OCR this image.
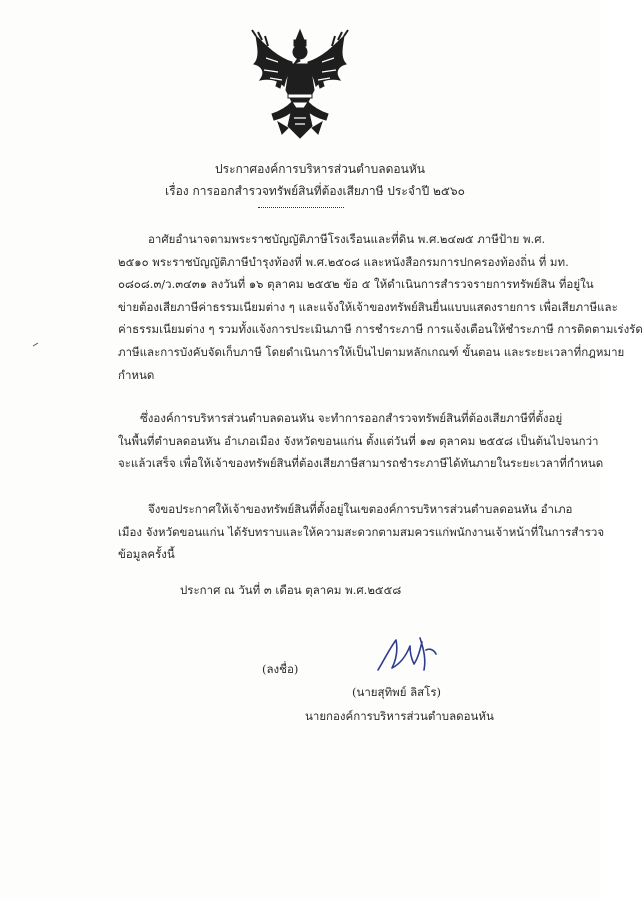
ประกาศองค์การบริหารส่วนตำบลดอนหัน
เรื่อง การออกสำรวจทรัพย์สินที่ต้องเสียภาษี ประจำปี ๒๕๖๐
อาศัยอำนาจตามพระราชบัญญัติภาษีโรงเรือนและที่ดิน พ.ศ.๒๔๗๕ ภาษีป้าย พ.ศ.
๒๕๑๐ พระราชบัญญัติภาษีบำรุงท้องที่ พ.ศ.๒๕๐๘ และหนังสือกรมการปกครองท้องถิ่น ที่ มท.
๐๘๐๘.๓/ว.๓๔๓๑ ลงวันที่ ๑๖ ตุลาคม ๒๕๕๒ ข้อ ๕ ให้ดำเนินการสำรวจรายการทรัพย์สิน ที่อยู่ใน
ข่ายต้องเสียภาษีค่าธรรมเนียมต่าง ๆ และแจ้งให้เจ้าของทรัพย์สินยื่นแบบแสดงรายการ เพื่อเสียภาษีและ
ค่าธรรมเนียมต่าง ๆ รวมทั้งแจ้งการประเมินภาษี การชำระภาษี การแจ้งเตือนให้ชำระภาษี การติดตามเร่งรัด
ภาษีและการบังคับจัดเก็บภาษี โดยดำเนินการให้เป็นไปตามหลักเกณฑ์ ขั้นตอน และระยะเวลาที่กฎหมาย
กำหนด
ซึ่งองค์การบริหารส่วนตำบลดอนหัน จะทำการออกสำรวจทรัพย์สินที่ต้องเสียภาษีที่ตั้งอยู่
ในพื้นที่ตำบลดอนหัน อำเภอเมือง จังหวัดขอนแก่น ตั้งแต่วันที่ ๑๗ ตุลาคม ๒๕๕๘ เป็นต้นไปจนกว่า
จะแล้วเสร็จ เพื่อให้เจ้าของทรัพย์สินที่ต้องเสียภาษีสามารถชำระภาษีได้ทันภายในระยะเวลาที่กำหนด
จึงขอประกาศให้เจ้าของทรัพย์สินที่ตั้งอยู่ในเขตองค์การบริหารส่วนตำบลดอนหัน อำเภอ
เมือง จังหวัดขอนแก่น ได้รับทราบและให้ความสะดวกตามสมควรแก่พนักงานเจ้าหน้าที่ในการสำรวจ
ข้อมูลครั้งนี้
ประกาศ ณ วันที่ ๓ เดือน ตุลาคม พ.ศ.๒๕๕๘
(ลงชื่อ)
(นายสุทิพย์ ลิสโร)
นายกองค์การบริหารส่วนตำบลดอนหัน
